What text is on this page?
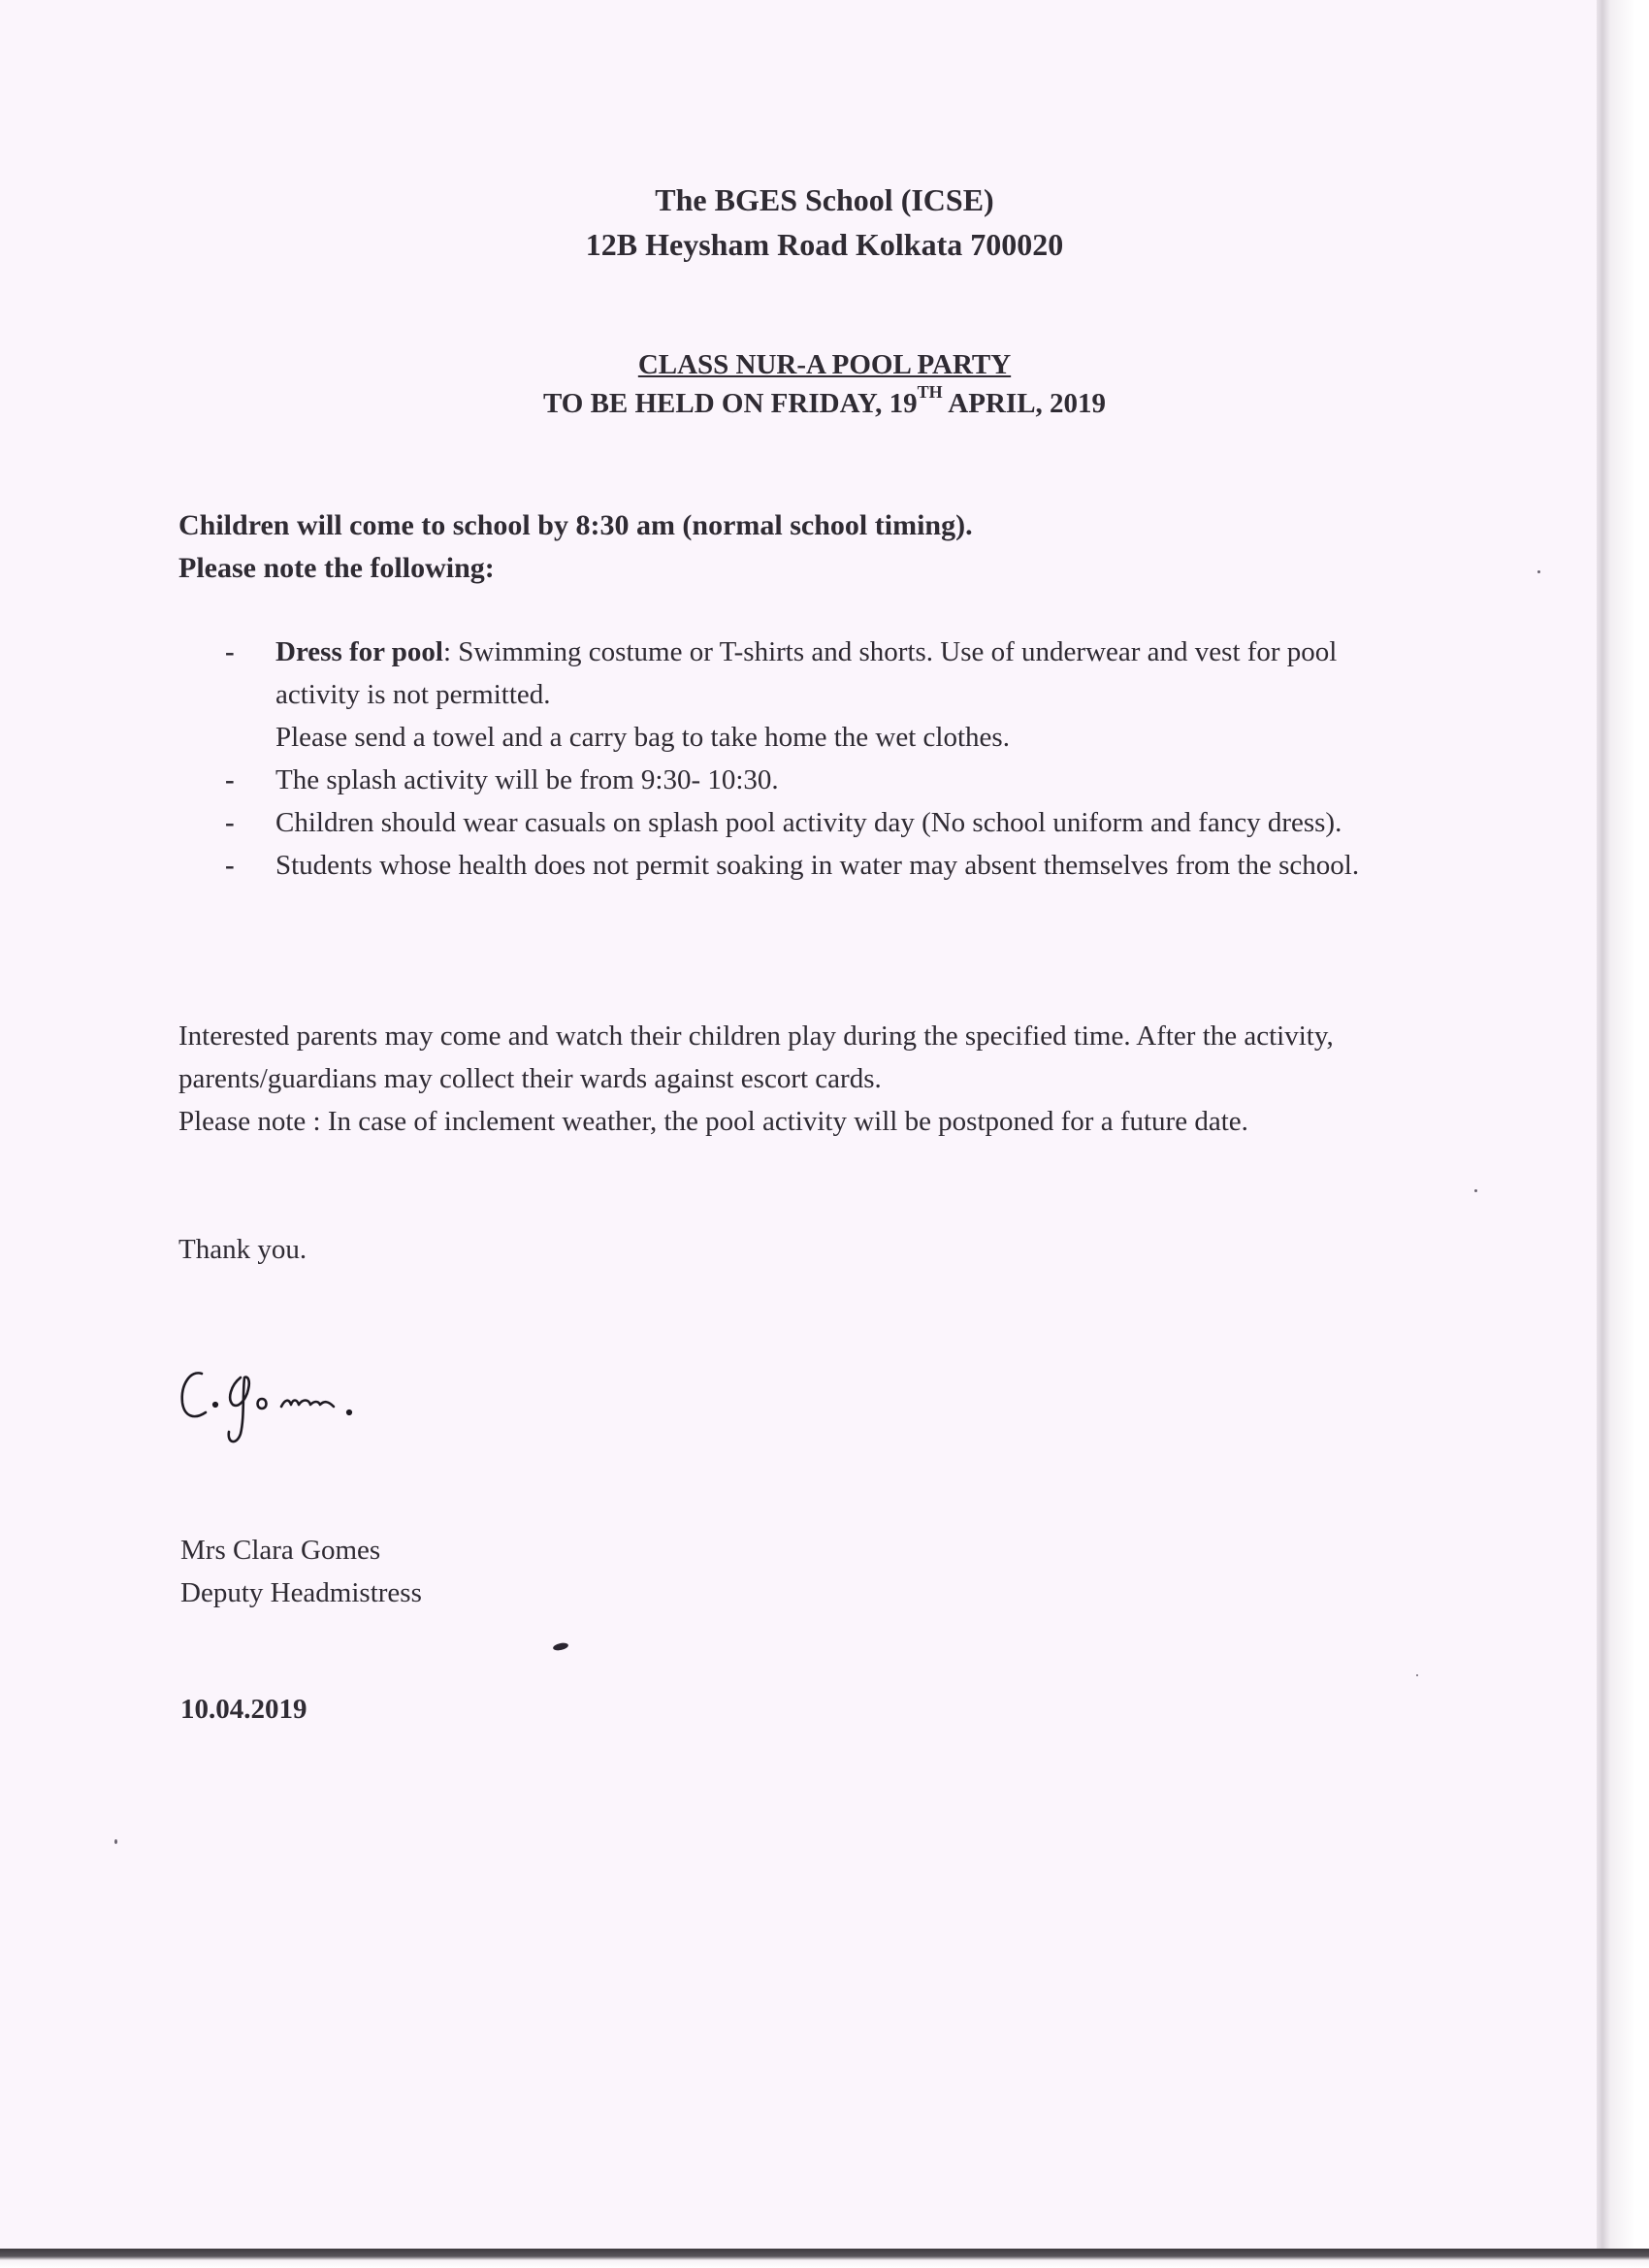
The BGES School (ICSE)

12B Heysham Road Kolkata 700020

CLASS NUR-A POOL PARTY

TO BE HELD ON FRIDAY, 19TH APRIL, 2019

Children will come to school by 8:30 am (normal school timing).

Please note the following:

- Dress for pool: Swimming costume or T-shirts and shorts. Use of underwear and vest for pool activity is not permitted.
Please send a towel and a carry bag to take home the wet clothes.
- The splash activity will be from 9:30- 10:30.
- Children should wear casuals on splash pool activity day (No school uniform and fancy dress).
- Students whose health does not permit soaking in water may absent themselves from the school.

Interested parents may come and watch their children play during the specified time. After the activity, parents/guardians may collect their wards against escort cards.

Please note : In case of inclement weather, the pool activity will be postponed for a future date.

Thank you.

Mrs Clara Gomes

Deputy Headmistress

10.04.2019
